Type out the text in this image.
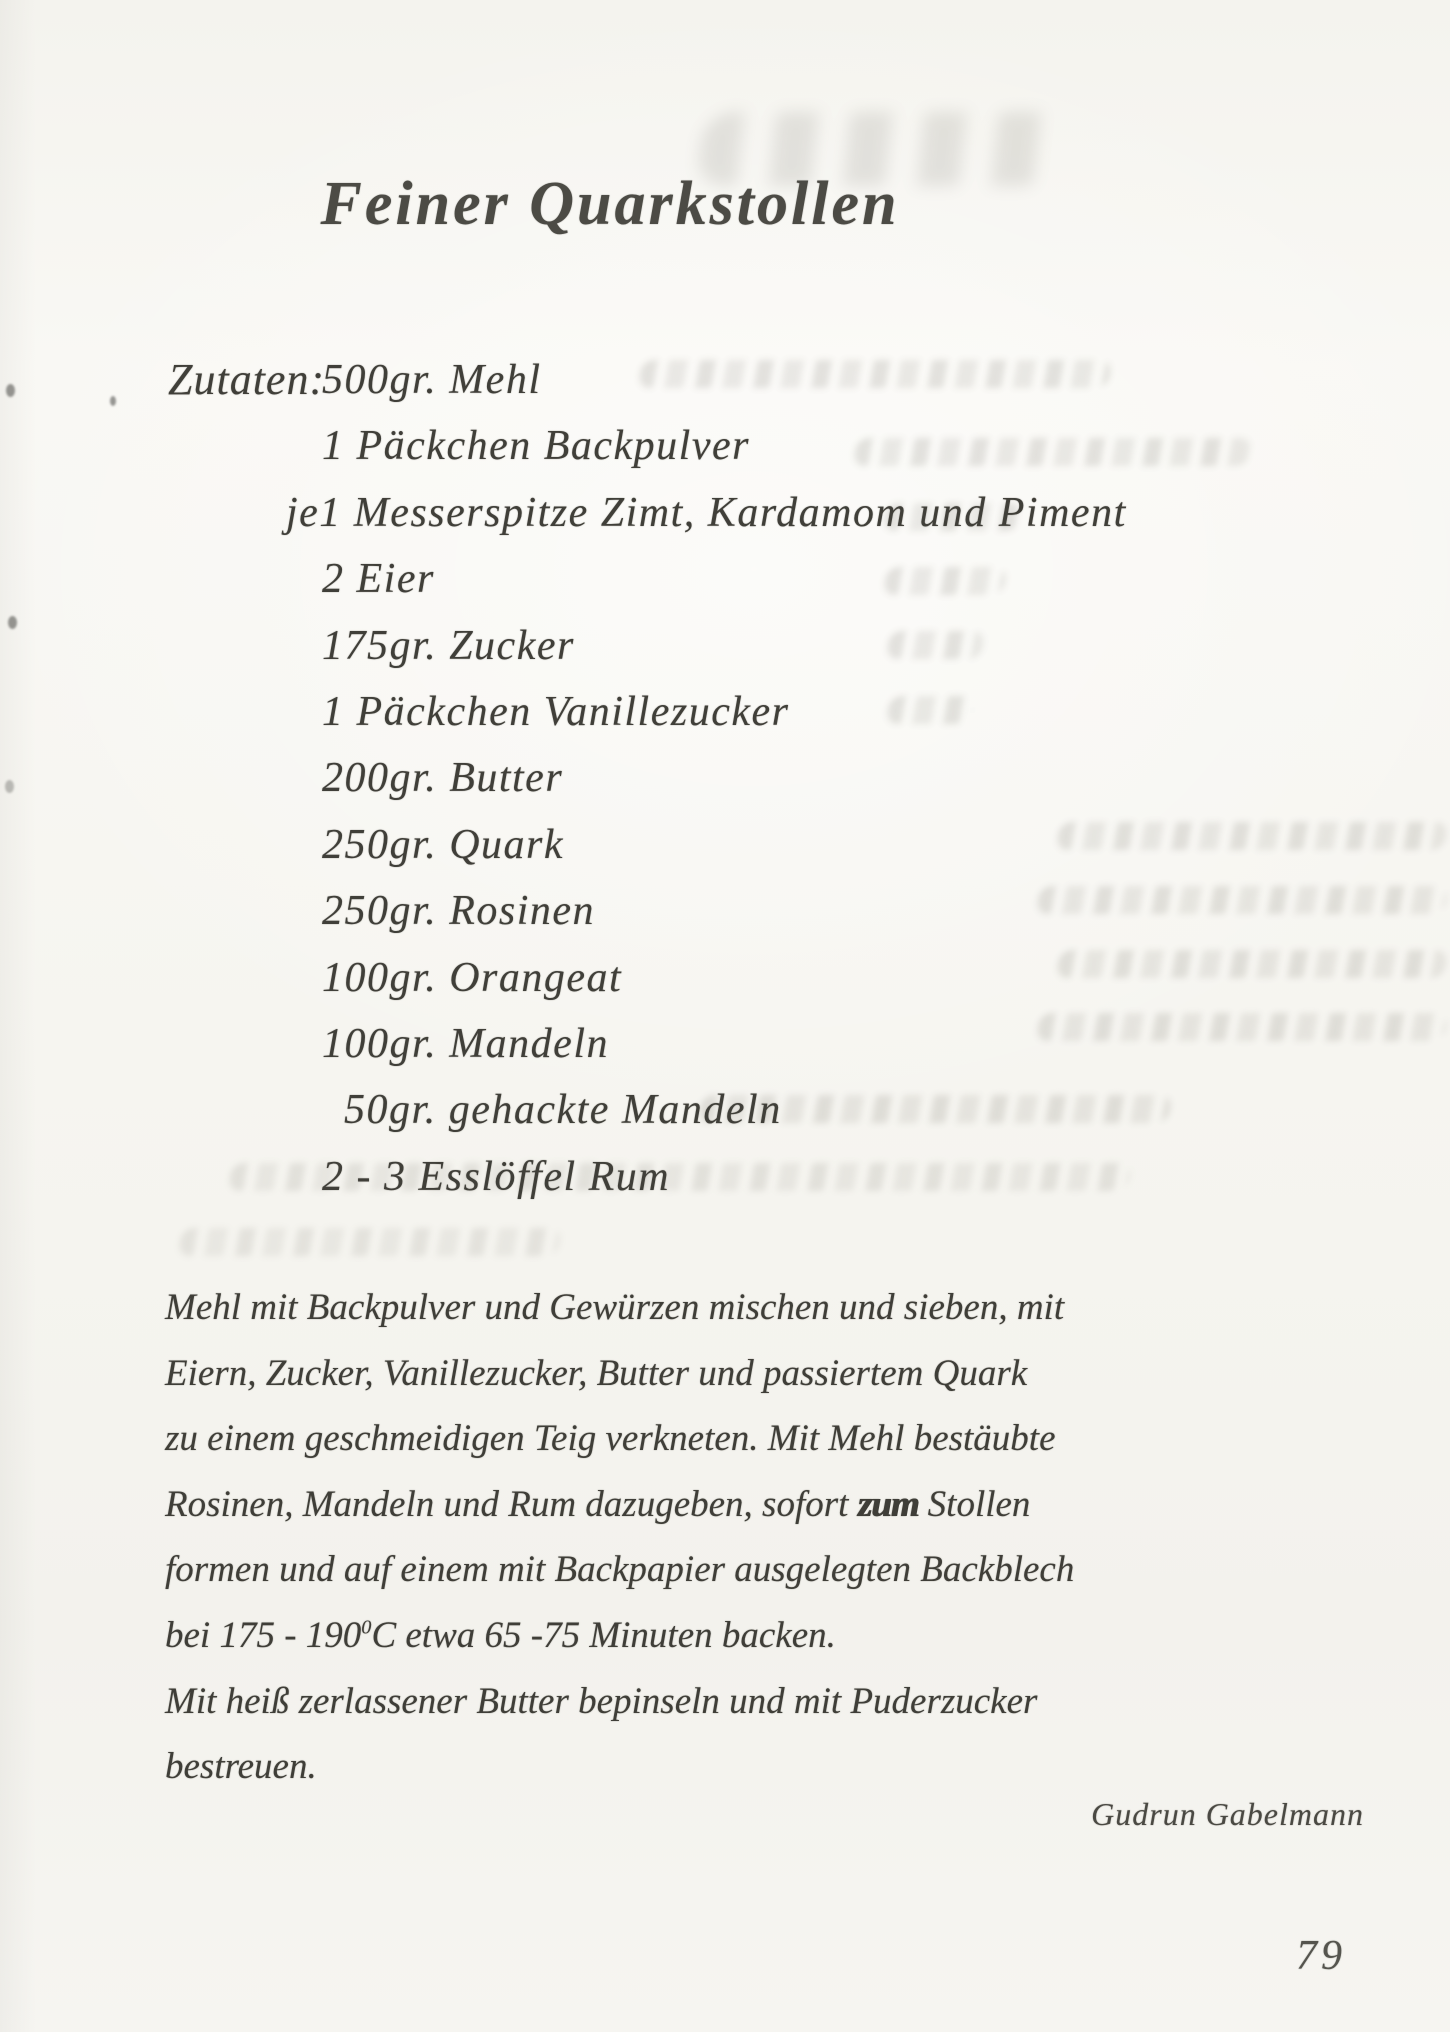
Feiner Quarkstollen
Zutaten:
500gr. Mehl
1 Päckchen Backpulver
je1 Messerspitze Zimt, Kardamom und Piment
2 Eier
175gr. Zucker
1 Päckchen Vanillezucker
200gr. Butter
250gr. Quark
250gr. Rosinen
100gr. Orangeat
100gr. Mandeln
50gr. gehackte Mandeln
2 - 3 Esslöffel Rum
Mehl mit Backpulver und Gewürzen mischen und sieben, mit
Eiern, Zucker, Vanillezucker, Butter und passiertem Quark
zu einem geschmeidigen Teig verkneten. Mit Mehl bestäubte
Rosinen, Mandeln und Rum dazugeben, sofort zum Stollen
formen und auf einem mit Backpapier ausgelegten Backblech
bei $175 - 190^0C$ etwa 65 -75 Minuten backen.
Mit heiß zerlassener Butter bepinseln und mit Puderzucker
bestreuen.
Gudrun Gabelmann
79
